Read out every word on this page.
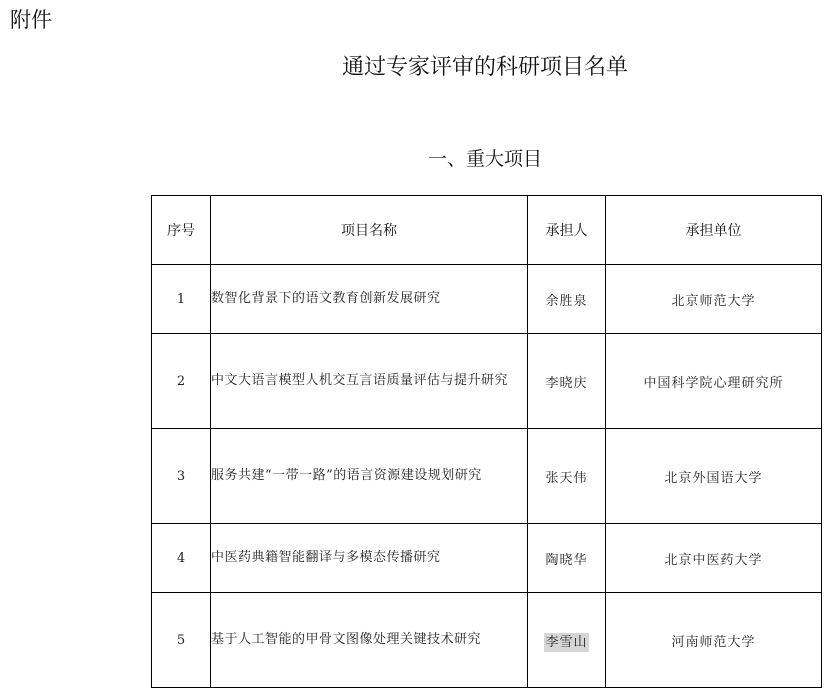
附件
通过专家评审的科研项目名单
一、重大项目
序号	项目名称	承担人	承担单位
1	数智化背景下的语文教育创新发展研究	余胜泉	北京师范大学
2	中文大语言模型人机交互言语质量评估与提升研究	李晓庆	中国科学院心理研究所
3	服务共建“一带一路”的语言资源建设规划研究	张天伟	北京外国语大学
4	中医药典籍智能翻译与多模态传播研究	陶晓华	北京中医药大学
5	基于人工智能的甲骨文图像处理关键技术研究	李雪山	河南师范大学
